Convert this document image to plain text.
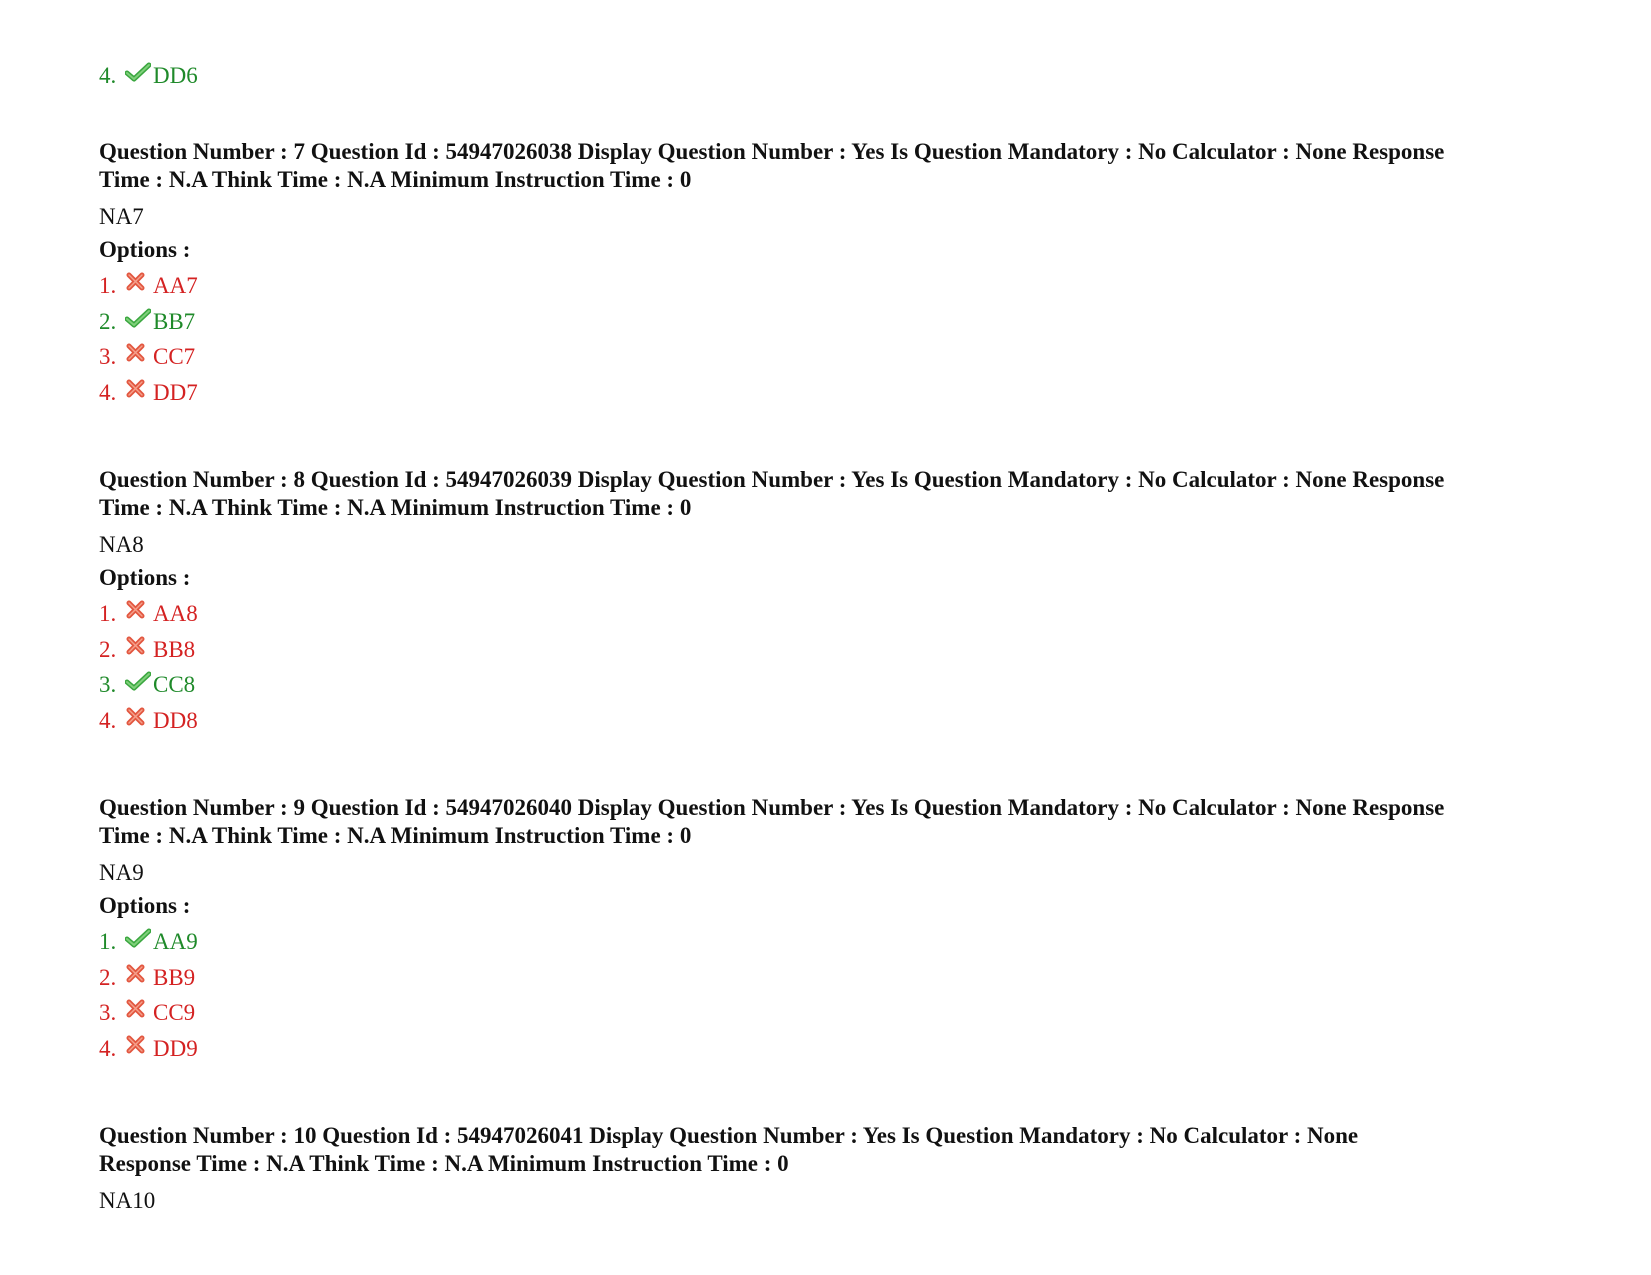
4. DD6
Question Number : 7 Question Id : 54947026038 Display Question Number : Yes Is Question Mandatory : No Calculator : None Response
Time : N.A Think Time : N.A Minimum Instruction Time : 0
NA7
Options :
1. AA7
2. BB7
3. CC7
4. DD7
Question Number : 8 Question Id : 54947026039 Display Question Number : Yes Is Question Mandatory : No Calculator : None Response
Time : N.A Think Time : N.A Minimum Instruction Time : 0
NA8
Options :
1. AA8
2. BB8
3. CC8
4. DD8
Question Number : 9 Question Id : 54947026040 Display Question Number : Yes Is Question Mandatory : No Calculator : None Response
Time : N.A Think Time : N.A Minimum Instruction Time : 0
NA9
Options :
1. AA9
2. BB9
3. CC9
4. DD9
Question Number : 10 Question Id : 54947026041 Display Question Number : Yes Is Question Mandatory : No Calculator : None
Response Time : N.A Think Time : N.A Minimum Instruction Time : 0
NA10
